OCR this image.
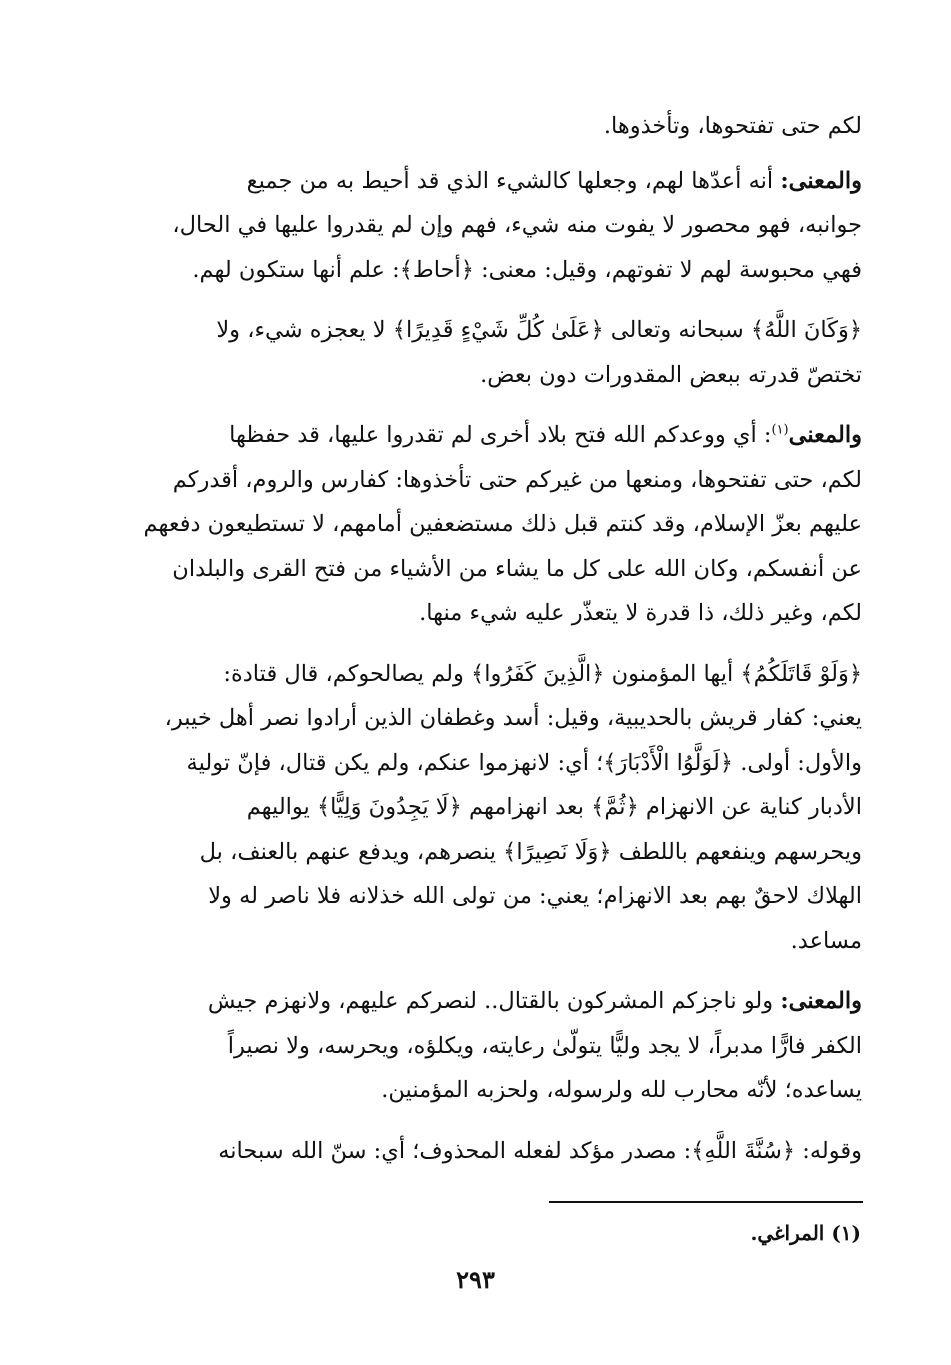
لكم حتى تفتحوها، وتأخذوها.

والمعنى: أنه أعدّها لهم، وجعلها كالشيء الذي قد أحيط به من جميع
جوانبه، فهو محصور لا يفوت منه شيء، فهم وإن لم يقدروا عليها في الحال،
فهي محبوسة لهم لا تفوتهم، وقيل: معنى: ﴿أحاط﴾: علم أنها ستكون لهم.

﴿وَكَانَ اللَّهُ﴾ سبحانه وتعالى ﴿عَلَىٰ كُلِّ شَيْءٍ قَدِيرًا﴾ لا يعجزه شيء، ولا
تختصّ قدرته ببعض المقدورات دون بعض.

والمعنى$^{(١)}$: أي ووعدكم الله فتح بلاد أخرى لم تقدروا عليها، قد حفظها
لكم، حتى تفتحوها، ومنعها من غيركم حتى تأخذوها: كفارس والروم، أقدركم
عليهم بعزّ الإسلام، وقد كنتم قبل ذلك مستضعفين أمامهم، لا تستطيعون دفعهم
عن أنفسكم، وكان الله على كل ما يشاء من الأشياء من فتح القرى والبلدان
لكم، وغير ذلك، ذا قدرة لا يتعذّر عليه شيء منها.

﴿وَلَوْ قَاتَلَكُمُ﴾ أيها المؤمنون ﴿الَّذِينَ كَفَرُوا﴾ ولم يصالحوكم، قال قتادة:
يعني: كفار قريش بالحديبية، وقيل: أسد وغطفان الذين أرادوا نصر أهل خيبر،
والأول: أولى. ﴿لَوَلَّوُا الْأَدْبَارَ﴾؛ أي: لانهزموا عنكم، ولم يكن قتال، فإنّ تولية
الأدبار كناية عن الانهزام ﴿ثُمَّ﴾ بعد انهزامهم ﴿لَا يَجِدُونَ وَلِيًّا﴾ يواليهم
ويحرسهم وينفعهم باللطف ﴿وَلَا نَصِيرًا﴾ ينصرهم، ويدفع عنهم بالعنف، بل
الهلاك لاحقٌ بهم بعد الانهزام؛ يعني: من تولى الله خذلانه فلا ناصر له ولا
مساعد.

والمعنى: ولو ناجزكم المشركون بالقتال.. لنصركم عليهم، ولانهزم جيش
الكفر فارًّا مدبراً، لا يجد وليًّا يتولّىٰ رعايته، ويكلؤه، ويحرسه، ولا نصيراً
يساعده؛ لأنّه محارب لله ولرسوله، ولحزبه المؤمنين.

وقوله: ﴿سُنَّةَ اللَّهِ﴾: مصدر مؤكد لفعله المحذوف؛ أي: سنّ الله سبحانه

(١) المراغي.
٢٩٣
